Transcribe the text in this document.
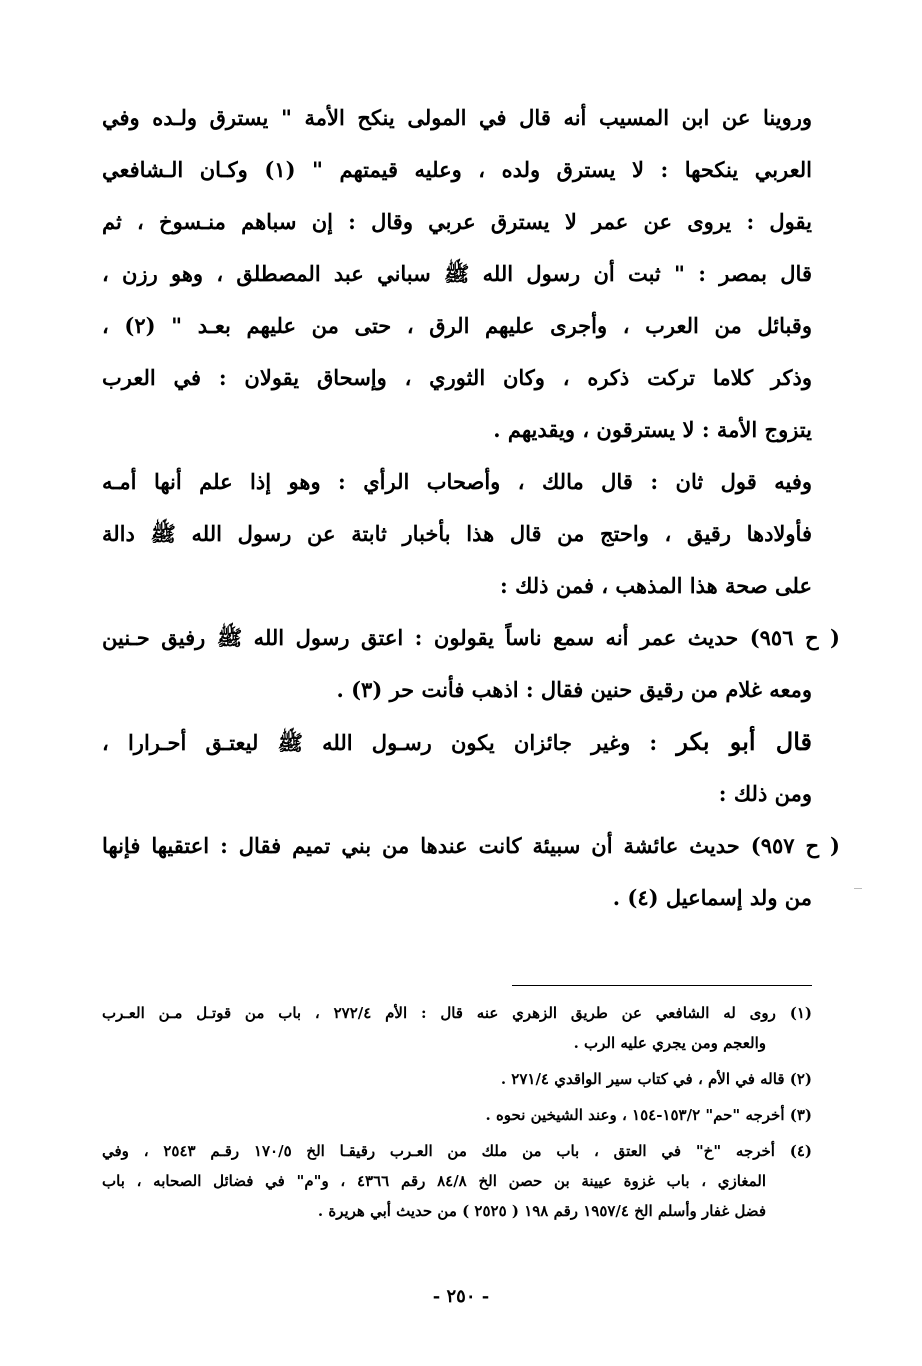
وروينا عن ابن المسيب أنه قال في المولى ينكح الأمة " يسترق ولـده وفي
العربي ينكحها : لا يسترق ولده ، وعليه قيمتهم " (١) وكـان الـشافعي
يقول : يروى عن عمر لا يسترق عربي وقال : إن سباهم منـسوخ ، ثم
قال بمصر : " ثبت أن رسول الله ﷺ سباني عبد المصطلق ، وهو رزن ،
وقبائل من العرب ، وأجرى عليهم الرق ، حتى من عليهم بعـد " (٢) ،
وذكر كلاما تركت ذكره ، وكان الثوري ، وإسحاق يقولان : في العرب
يتزوج الأمة : لا يسترقون ، ويقديهم .
وفيه قول ثان : قال مالك ، وأصحاب الرأي : وهو إذا علم أنها أمـه
فأولادها رقيق ، واحتج من قال هذا بأخبار ثابتة عن رسول الله ﷺ دالة
على صحة هذا المذهب ، فمن ذلك :
( ح ٩٥٦) حديث عمر أنه سمع ناساً يقولون : اعتق رسول الله ﷺ رفيق حـنين
ومعه غلام من رقيق حنين فقال : اذهب فأنت حر (٣) .
قال أبو بكر : وغير جائزان يكون رسـول الله ﷺ ليعتـق أحـرارا ،
ومن ذلك :
( ح ٩٥٧) حديث عائشة أن سبيئة كانت عندها من بني تميم فقال : اعتقيها فإنها
من ولد إسماعيل (٤) .
(١) روى له الشافعي عن طريق الزهري عنه قال : الأم ٢٧٢/٤ ، باب من قوتـل مـن العـرب
والعجم ومن يجري عليه الرب .
(٢) قاله في الأم ، في كتاب سير الواقدي ٢٧١/٤ .
(٣) أخرجه "حم" ١٥٣/٢-١٥٤ ، وعند الشيخين نحوه .
(٤) أخرجه "خ" في العتق ، باب من ملك من العـرب رقيقـا الخ ١٧٠/٥ رقـم ٢٥٤٣ ، وفي
المغازي ، باب غزوة عيينة بن حصن الخ ٨٤/٨ رقم ٤٣٦٦ ، و"م" في فضائل الصحابه ، باب
فضل غفار وأسلم الخ ١٩٥٧/٤ رقم ١٩٨ ( ٢٥٢٥ ) من حديث أبي هريرة .
- ٢٥٠ -
